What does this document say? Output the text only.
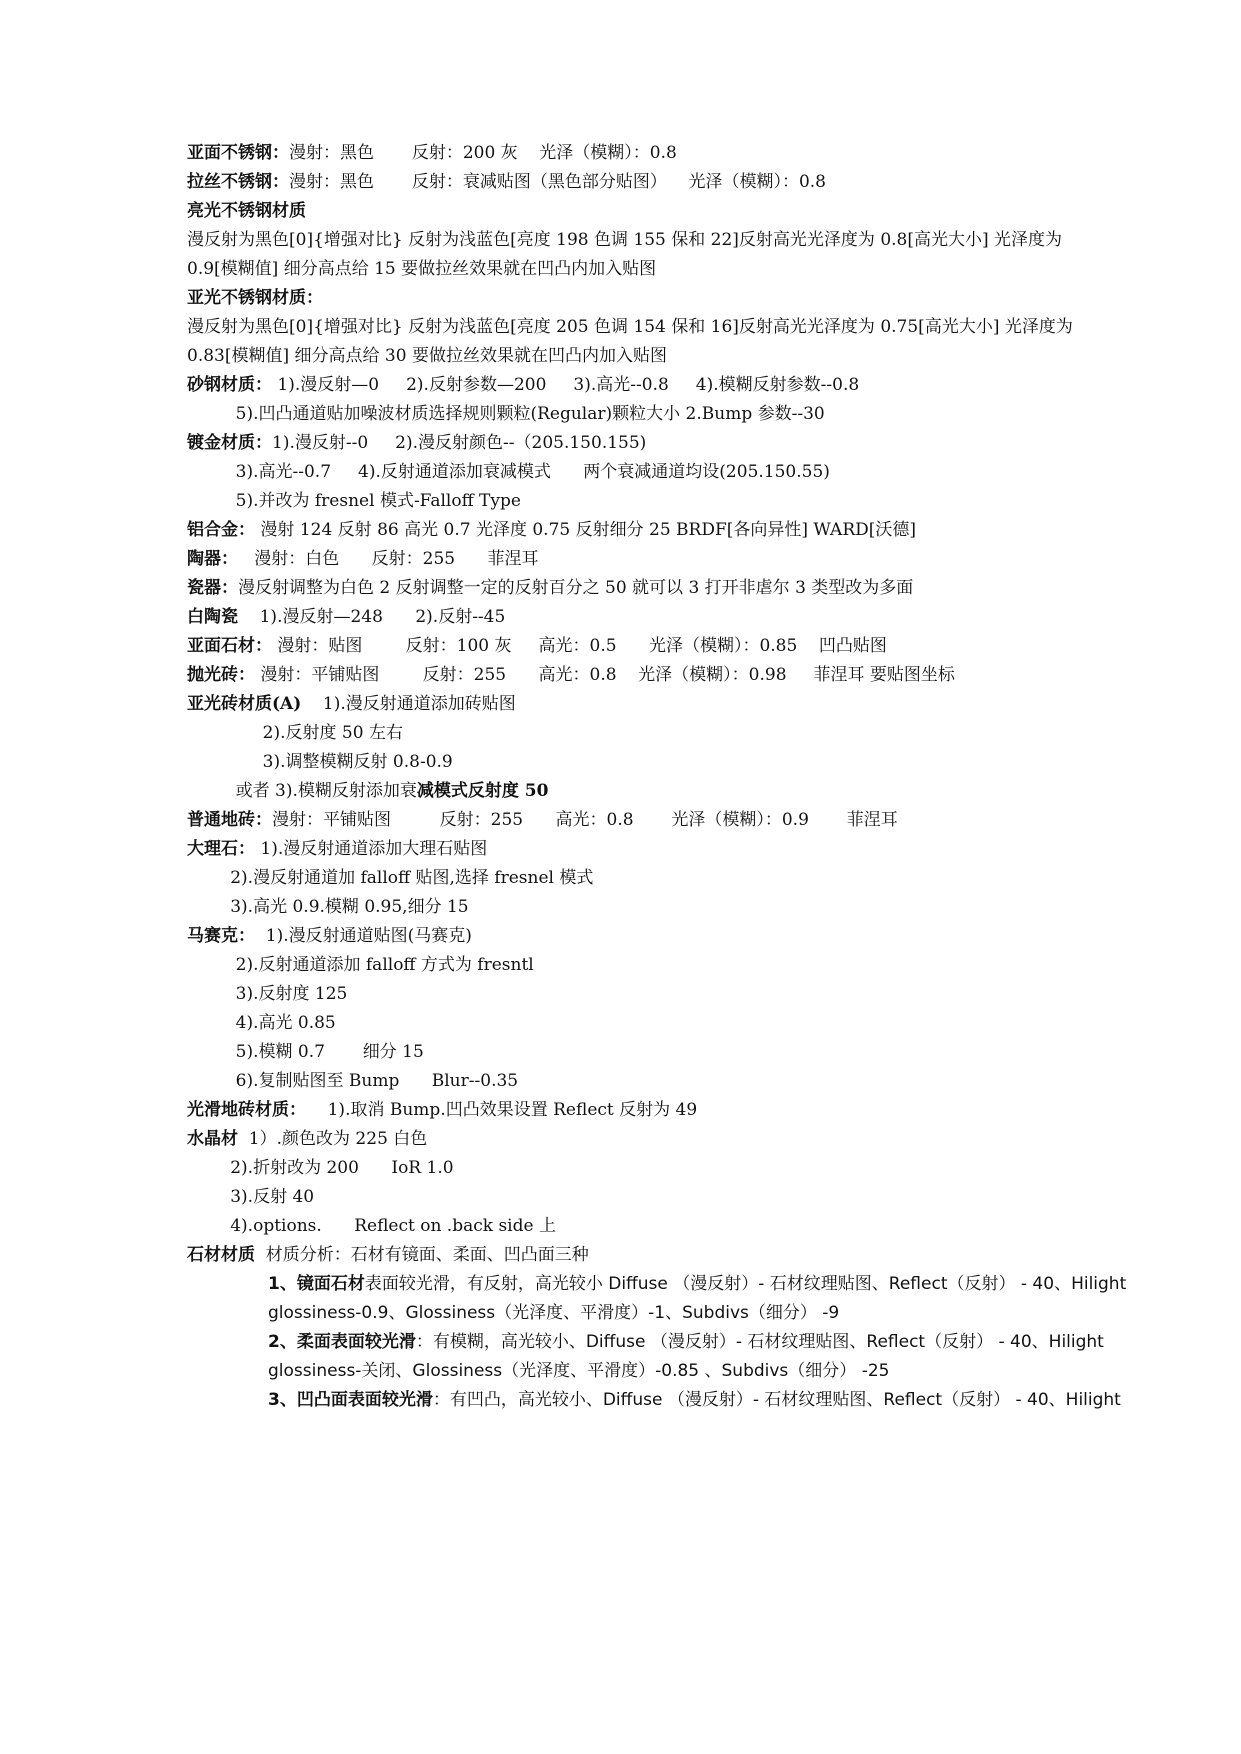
亚面不锈钢：漫射：黑色       反射：200 灰    光泽（模糊）：0.8
拉丝不锈钢：漫射：黑色       反射：衰减贴图（黑色部分贴图）    光泽（模糊）：0.8
亮光不锈钢材质
漫反射为黑色[0]{增强对比} 反射为浅蓝色[亮度 198 色调 155 保和 22]反射高光光泽度为 0.8[高光大小] 光泽度为
0.9[模糊值] 细分高点给 15 要做拉丝效果就在凹凸内加入贴图
亚光不锈钢材质：
漫反射为黑色[0]{增强对比} 反射为浅蓝色[亮度 205 色调 154 保和 16]反射高光光泽度为 0.75[高光大小] 光泽度为
0.83[模糊值] 细分高点给 30 要做拉丝效果就在凹凸内加入贴图
砂钢材质： 1).漫反射—0     2).反射参数—200     3).高光--0.8     4).模糊反射参数--0.8
5).凹凸通道贴加噪波材质选择规则颗粒(Regular)颗粒大小 2.Bump 参数--30
镀金材质：1).漫反射--0     2).漫反射颜色--（205.150.155)
3).高光--0.7     4).反射通道添加衰减模式      两个衰减通道均设(205.150.55)
5).并改为 fresnel 模式-Falloff Type
铝合金： 漫射 124 反射 86 高光 0.7 光泽度 0.75 反射细分 25 BRDF[各向异性] WARD[沃德]
陶器：   漫射：白色      反射：255      菲涅耳
瓷器：漫反射调整为白色 2 反射调整一定的反射百分之 50 就可以 3 打开非虐尔 3 类型改为多面
白陶瓷    1).漫反射—248      2).反射--45
亚面石材： 漫射：贴图        反射：100 灰     高光：0.5      光泽（模糊）：0.85    凹凸贴图
抛光砖： 漫射：平铺贴图        反射：255      高光：0.8    光泽（模糊）：0.98     菲涅耳 要贴图坐标
亚光砖材质(A)    1).漫反射通道添加砖贴图
2).反射度 50 左右
3).调整模糊反射 0.8-0.9
或者 3).模糊反射添加衰减模式反射度 50
普通地砖：漫射：平铺贴图         反射：255      高光：0.8       光泽（模糊）：0.9       菲涅耳
大理石： 1).漫反射通道添加大理石贴图
2).漫反射通道加 falloff 贴图,选择 fresnel 模式
3).高光 0.9.模糊 0.95,细分 15
马赛克：  1).漫反射通道贴图(马赛克)
2).反射通道添加 falloff 方式为 fresntl
3).反射度 125
4).高光 0.85
5).模糊 0.7       细分 15
6).复制贴图至 Bump      Blur--0.35
光滑地砖材质：    1).取消 Bump.凹凸效果设置 Reflect 反射为 49
水晶材  1）.颜色改为 225 白色
2).折射改为 200      IoR 1.0
3).反射 40
4).options.      Reflect on .back side 上
石材材质  材质分析：石材有镜面、柔面、凹凸面三种
1、镜面石材表面较光滑，有反射，高光较小 Diffuse （漫反射）- 石材纹理贴图、Reflect（反射） - 40、Hilight
glossiness-0.9、Glossiness（光泽度、平滑度）-1、Subdivs（细分） -9
2、柔面表面较光滑：有模糊，高光较小、Diffuse （漫反射）- 石材纹理贴图、Reflect（反射） - 40、Hilight
glossiness-关闭、Glossiness（光泽度、平滑度）-0.85 、Subdivs（细分） -25
3、凹凸面表面较光滑：有凹凸，高光较小、Diffuse （漫反射）- 石材纹理贴图、Reflect（反射） - 40、Hilight
